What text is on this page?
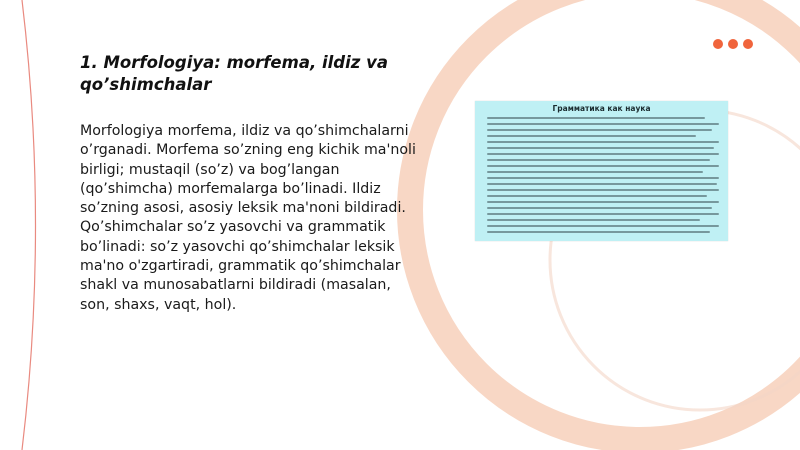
1. Morfologiya: morfema, ildiz va qo’shimchalar

Morfologiya morfema, ildiz va qo’shimchalarni o’rganadi. Morfema so’zning eng kichik ma'noli birligi; mustaqil (so’z) va bog’langan (qo’shimcha) morfemalarga bo’linadi. Ildiz so’zning asosi, asosiy leksik ma'noni bildiradi. Qo’shimchalar so’z yasovchi va grammatik bo’linadi: so’z yasovchi qo’shimchalar leksik ma'no o'zgartiradi, grammatik qo’shimchalar shakl va munosabatlarni bildiradi (masalan, son, shaxs, vaqt, hol).

Грамматика как наука
